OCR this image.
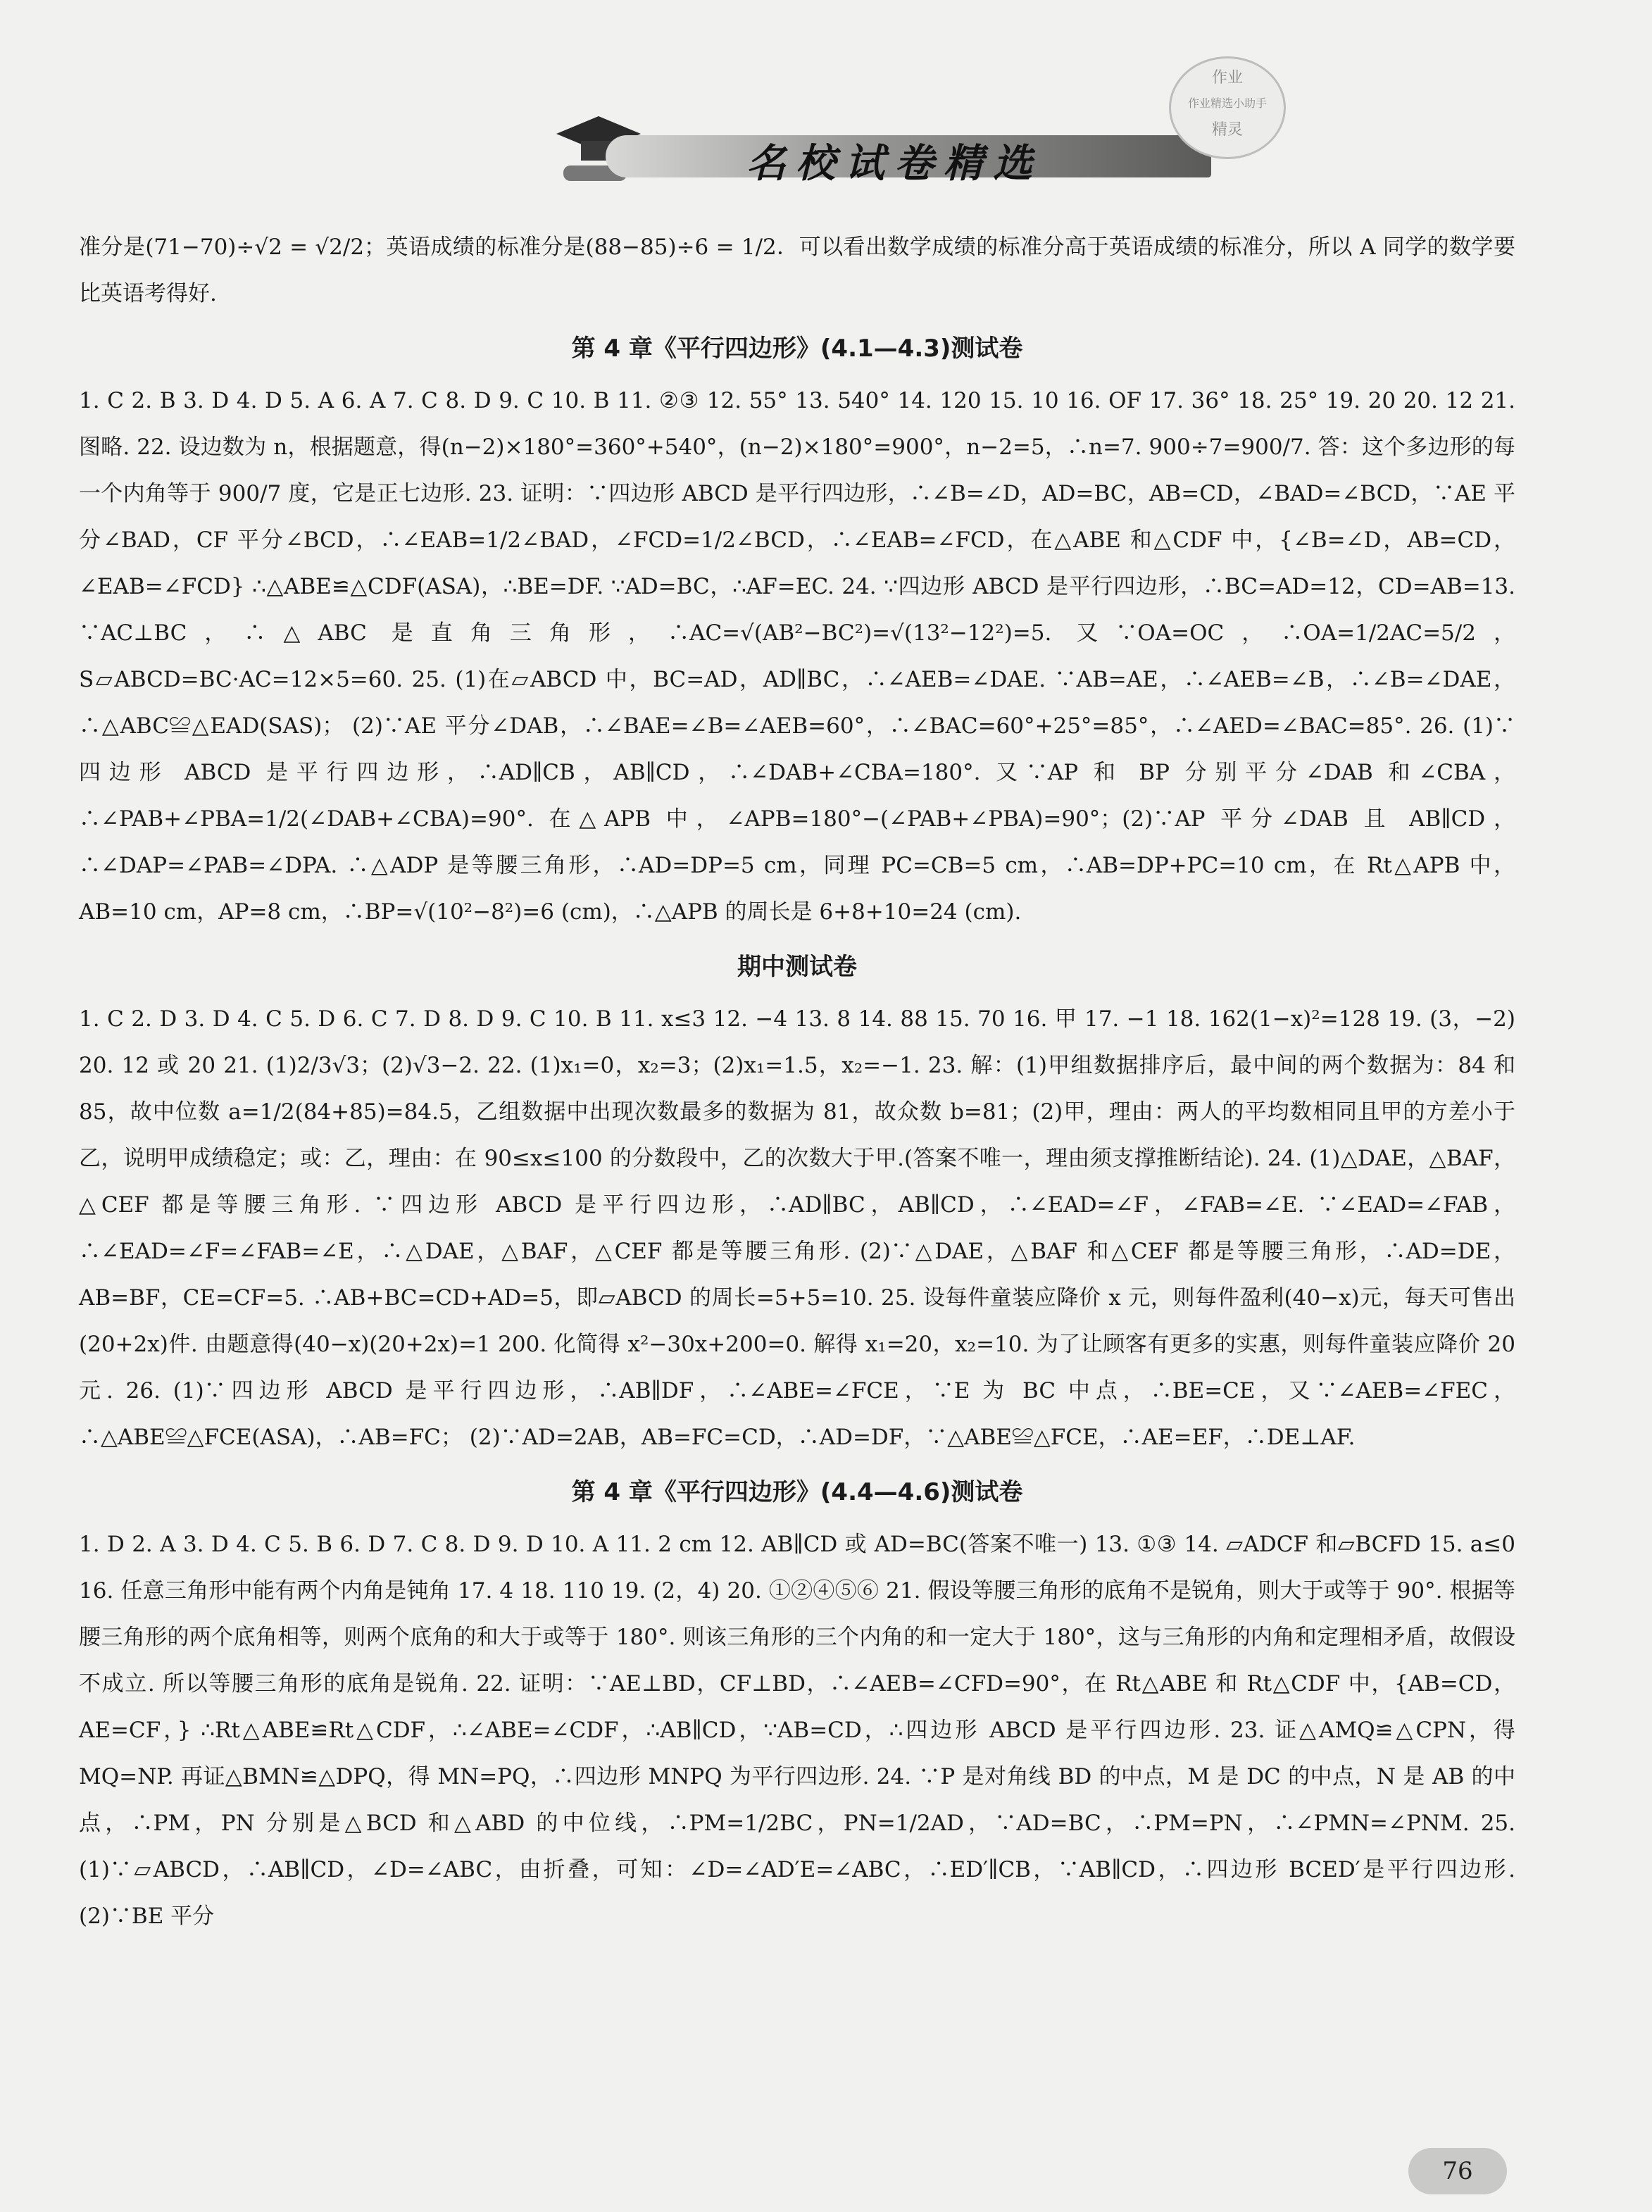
名校试卷精选
作业
作业精选小助手
精灵

准分是(71−70)÷√2 = √2/2；英语成绩的标准分是(88−85)÷6 = 1/2．可以看出数学成绩的标准分高于英语成绩的标准分，所以 A 同学的数学要比英语考得好.

第 4 章《平行四边形》(4.1—4.3)测试卷

1. C 2. B 3. D 4. D 5. A 6. A 7. C 8. D 9. C 10. B 11. ②③ 12. 55° 13. 540° 14. 120 15. 10 16. OF 17. 36° 18. 25° 19. 20 20. 12 21. 图略. 22. 设边数为 n，根据题意，得(n−2)×180°=360°+540°，(n−2)×180°=900°，n−2=5，∴n=7. 900÷7=900/7. 答：这个多边形的每一个内角等于 900/7 度，它是正七边形. 23. 证明：∵四边形 ABCD 是平行四边形，∴∠B=∠D，AD=BC，AB=CD，∠BAD=∠BCD，∵AE 平分∠BAD，CF 平分∠BCD，∴∠EAB=1/2∠BAD，∠FCD=1/2∠BCD，∴∠EAB=∠FCD，在△ABE 和△CDF 中，{∠B=∠D，AB=CD，∠EAB=∠FCD} ∴△ABE≌△CDF(ASA)，∴BE=DF. ∵AD=BC，∴AF=EC. 24. ∵四边形 ABCD 是平行四边形，∴BC=AD=12，CD=AB=13. ∵AC⊥BC，∴△ABC 是直角三角形，∴AC=√(AB²−BC²)=√(13²−12²)=5. 又∵OA=OC，∴OA=1/2AC=5/2，S▱ABCD=BC·AC=12×5=60. 25. (1)在▱ABCD 中，BC=AD，AD∥BC，∴∠AEB=∠DAE. ∵AB=AE，∴∠AEB=∠B，∴∠B=∠DAE，∴△ABC≌△EAD(SAS)； (2)∵AE 平分∠DAB，∴∠BAE=∠B=∠AEB=60°，∴∠BAC=60°+25°=85°，∴∠AED=∠BAC=85°. 26. (1)∵四边形 ABCD 是平行四边形，∴AD∥CB，AB∥CD，∴∠DAB+∠CBA=180°. 又∵AP 和 BP 分别平分∠DAB 和∠CBA，∴∠PAB+∠PBA=1/2(∠DAB+∠CBA)=90°. 在△APB 中，∠APB=180°−(∠PAB+∠PBA)=90°；(2)∵AP 平分∠DAB 且 AB∥CD，∴∠DAP=∠PAB=∠DPA. ∴△ADP 是等腰三角形，∴AD=DP=5 cm，同理 PC=CB=5 cm，∴AB=DP+PC=10 cm，在 Rt△APB 中，AB=10 cm，AP=8 cm，∴BP=√(10²−8²)=6 (cm)，∴△APB 的周长是 6+8+10=24 (cm).

期中测试卷

1. C 2. D 3. D 4. C 5. D 6. C 7. D 8. D 9. C 10. B 11. x≤3 12. −4 13. 8 14. 88 15. 70 16. 甲 17. −1 18. 162(1−x)²=128 19. (3，−2) 20. 12 或 20 21. (1)2/3√3；(2)√3−2. 22. (1)x₁=0，x₂=3；(2)x₁=1.5，x₂=−1. 23. 解：(1)甲组数据排序后，最中间的两个数据为：84 和 85，故中位数 a=1/2(84+85)=84.5，乙组数据中出现次数最多的数据为 81，故众数 b=81；(2)甲，理由：两人的平均数相同且甲的方差小于乙，说明甲成绩稳定；或：乙，理由：在 90≤x≤100 的分数段中，乙的次数大于甲.(答案不唯一，理由须支撑推断结论). 24. (1)△DAE，△BAF，△CEF 都是等腰三角形. ∵四边形 ABCD 是平行四边形，∴AD∥BC，AB∥CD，∴∠EAD=∠F，∠FAB=∠E. ∵∠EAD=∠FAB，∴∠EAD=∠F=∠FAB=∠E，∴△DAE，△BAF，△CEF 都是等腰三角形. (2)∵△DAE，△BAF 和△CEF 都是等腰三角形，∴AD=DE，AB=BF，CE=CF=5. ∴AB+BC=CD+AD=5，即▱ABCD 的周长=5+5=10. 25. 设每件童装应降价 x 元，则每件盈利(40−x)元，每天可售出(20+2x)件. 由题意得(40−x)(20+2x)=1 200. 化简得 x²−30x+200=0. 解得 x₁=20，x₂=10. 为了让顾客有更多的实惠，则每件童装应降价 20 元. 26. (1)∵四边形 ABCD 是平行四边形，∴AB∥DF，∴∠ABE=∠FCE，∵E 为 BC 中点，∴BE=CE，又∵∠AEB=∠FEC，∴△ABE≌△FCE(ASA)，∴AB=FC； (2)∵AD=2AB，AB=FC=CD，∴AD=DF，∵△ABE≌△FCE，∴AE=EF，∴DE⊥AF.

第 4 章《平行四边形》(4.4—4.6)测试卷

1. D 2. A 3. D 4. C 5. B 6. D 7. C 8. D 9. D 10. A 11. 2 cm 12. AB∥CD 或 AD=BC(答案不唯一) 13. ①③ 14. ▱ADCF 和▱BCFD 15. a≤0 16. 任意三角形中能有两个内角是钝角 17. 4 18. 110 19. (2，4) 20. ①②④⑤⑥ 21. 假设等腰三角形的底角不是锐角，则大于或等于 90°. 根据等腰三角形的两个底角相等，则两个底角的和大于或等于 180°. 则该三角形的三个内角的和一定大于 180°，这与三角形的内角和定理相矛盾，故假设不成立. 所以等腰三角形的底角是锐角. 22. 证明：∵AE⊥BD，CF⊥BD，∴∠AEB=∠CFD=90°，在 Rt△ABE 和 Rt△CDF 中，{AB=CD，AE=CF，} ∴Rt△ABE≌Rt△CDF，∴∠ABE=∠CDF，∴AB∥CD，∵AB=CD，∴四边形 ABCD 是平行四边形. 23. 证△AMQ≌△CPN，得 MQ=NP. 再证△BMN≌△DPQ，得 MN=PQ，∴四边形 MNPQ 为平行四边形. 24. ∵P 是对角线 BD 的中点，M 是 DC 的中点，N 是 AB 的中点，∴PM，PN 分别是△BCD 和△ABD 的中位线，∴PM=1/2BC，PN=1/2AD，∵AD=BC，∴PM=PN，∴∠PMN=∠PNM. 25. (1)∵▱ABCD，∴AB∥CD，∠D=∠ABC，由折叠，可知：∠D=∠AD′E=∠ABC，∴ED′∥CB，∵AB∥CD，∴四边形 BCED′是平行四边形. (2)∵BE 平分

76
